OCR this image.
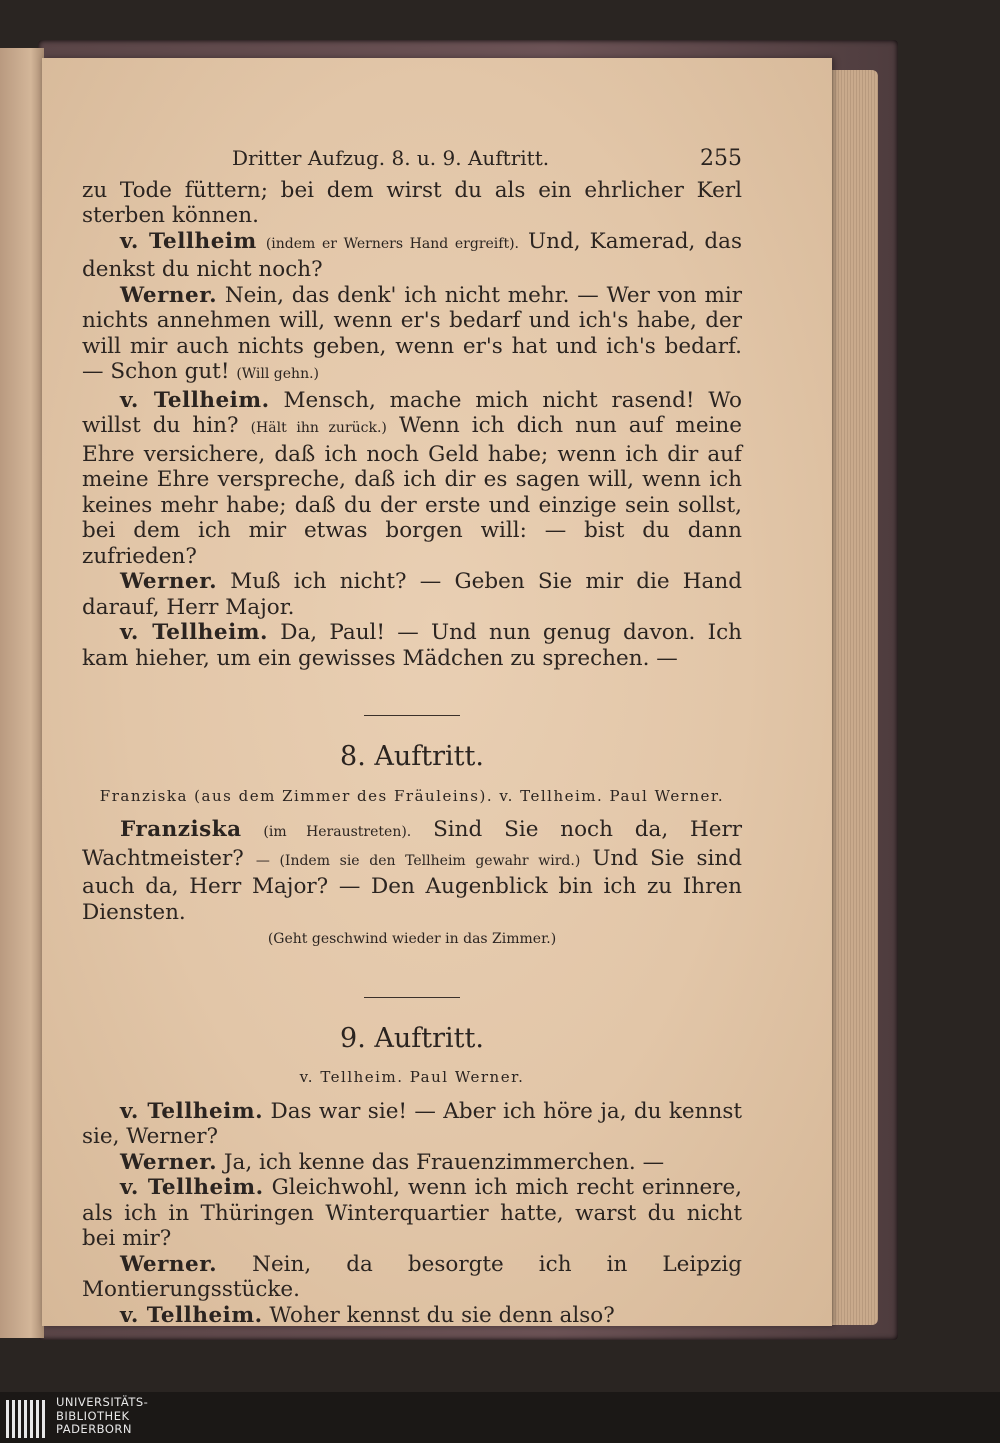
Dritter Aufzug. 8. u. 9. Auftritt.	255

zu Tode füttern; bei dem wirst du als ein ehrlicher Kerl sterben können.

v. Tellheim (indem er Werners Hand ergreift). Und, Kamerad, das denkst du nicht noch?

Werner. Nein, das denk' ich nicht mehr. — Wer von mir nichts annehmen will, wenn er's bedarf und ich's habe, der will mir auch nichts geben, wenn er's hat und ich's bedarf. — Schon gut! (Will gehn.)

v. Tellheim. Mensch, mache mich nicht rasend! Wo willst du hin? (Hält ihn zurück.) Wenn ich dich nun auf meine Ehre versichere, daß ich noch Geld habe; wenn ich dir auf meine Ehre verspreche, daß ich dir es sagen will, wenn ich keines mehr habe; daß du der erste und einzige sein sollst, bei dem ich mir etwas borgen will: — bist du dann zufrieden?

Werner. Muß ich nicht? — Geben Sie mir die Hand darauf, Herr Major.

v. Tellheim. Da, Paul! — Und nun genug davon. Ich kam hieher, um ein gewisses Mädchen zu sprechen. —

8. Auftritt.
Franziska (aus dem Zimmer des Fräuleins). v. Tellheim. Paul Werner.

Franziska (im Heraustreten). Sind Sie noch da, Herr Wachtmeister? — (Indem sie den Tellheim gewahr wird.) Und Sie sind auch da, Herr Major? — Den Augenblick bin ich zu Ihren Diensten.

(Geht geschwind wieder in das Zimmer.)
9. Auftritt.
v. Tellheim. Paul Werner.

v. Tellheim. Das war sie! — Aber ich höre ja, du kennst sie, Werner?

Werner. Ja, ich kenne das Frauenzimmerchen. —

v. Tellheim. Gleichwohl, wenn ich mich recht erinnere, als ich in Thüringen Winterquartier hatte, warst du nicht bei mir?

Werner. Nein, da besorgte ich in Leipzig Montierungsstücke.

v. Tellheim. Woher kennst du sie denn also?

UNIVERSITÄTS-
BIBLIOTHEK
PADERBORN
